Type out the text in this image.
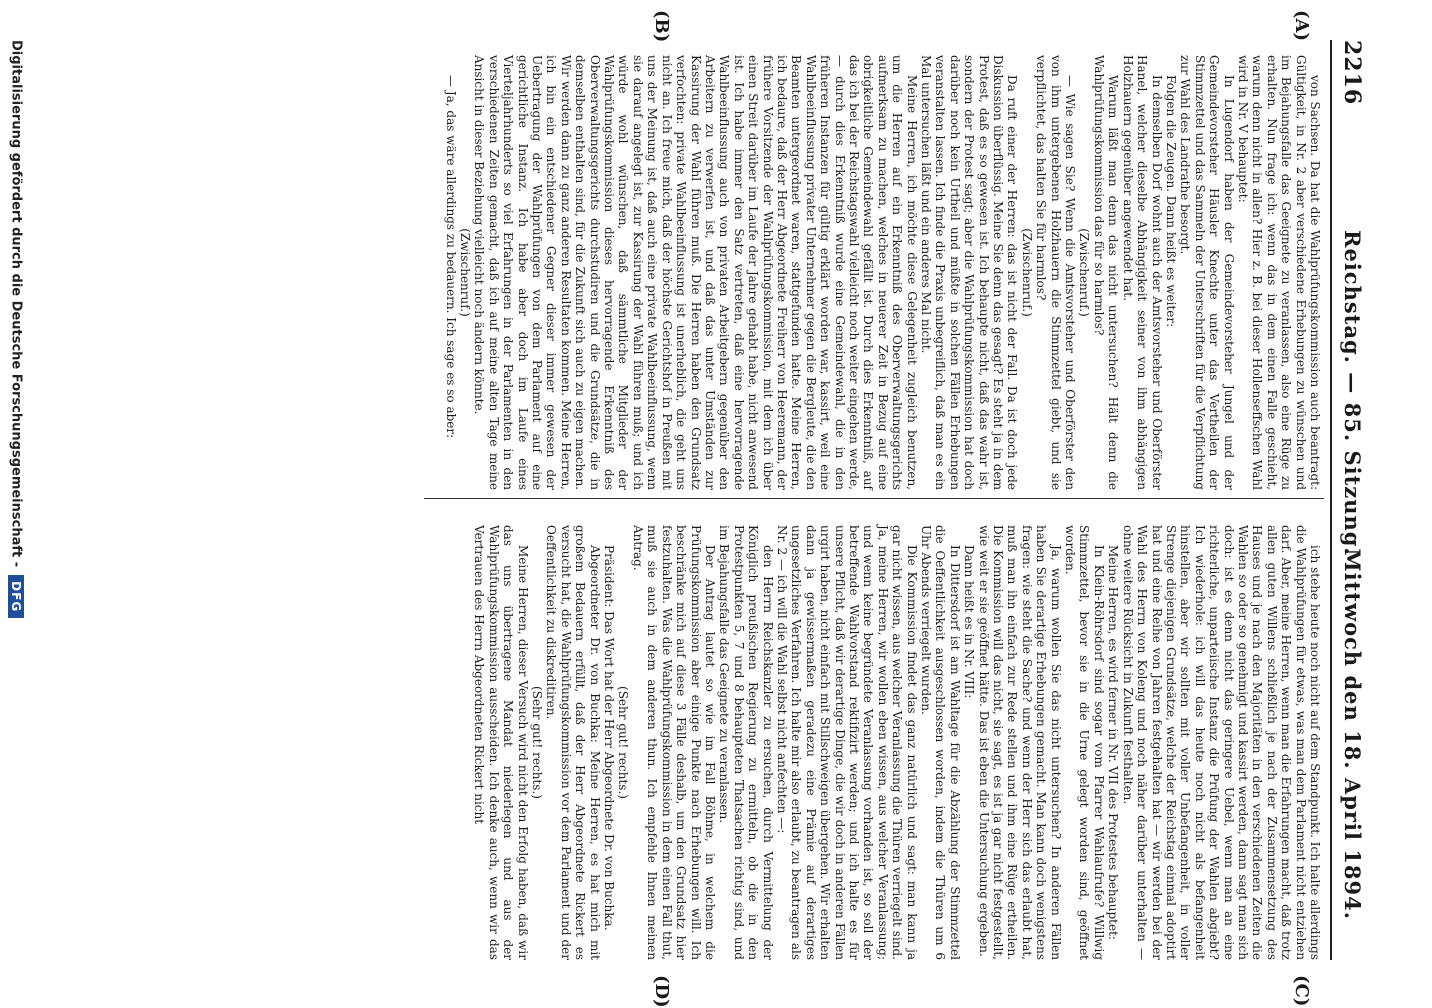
2216
Reichstag. — 85. Sitzung.
Mittwoch den 18. April 1894.
(A)
(B)
(C)
(D)

von Sachsen. Da hat die Wahlprüfungskommission auch beantragt: Gültigkeit, in Nr. 2 aber verschiedene Erhebungen zu wünschen und im Bejahungsfalle das Geeignete zu veranlassen, also eine Rüge zu erhalten. Nun frage ich: wenn das in dem einen Falle geschieht, warum denn nicht in allen? Hier z. B. bei dieser Hollenseffschen Wahl wird in Nr. V behauptet:

In Lugendorf haben der Gemeindevorsteher Jungel und der Gemeindevorsteher Häusler Knechte unter das Vertheilen der Stimmzettel und das Sammeln der Unterschriften für die Verpflichtung zur Wahl des Landrathe besorgt.

Folgen die Zeugen. Dann heißt es weiter:

In demselben Dorf wohnt auch der Amtsvorsteher und Oberförster Hanel, welcher dieselbe Abhängigkeit seiner von ihm abhängigen Holzhauern gegenüber angewendet hat.

Warum läßt man denn das nicht untersuchen? Hält denn die Wahlprüfungskommission das für so harmlos?

(Zwischenruf.)

— Wie sagen Sie? Wenn die Amtsvorsteher und Oberförster den von ihm untergebenen Holzhauern die Stimmzettel giebt, und sie verpflichtet, das halten Sie für harmlos?

(Zwischenruf.)

Da ruft einer der Herren: das ist nicht der Fall. Da ist doch jede Diskussion überflüssig. Meine Sie denn das gesagt? Es steht ja in dem Protest, daß es so gewesen ist. Ich behaupte nicht, daß das wahr ist, sondern der Protest sagt; aber die Wahlprüfungskommission hat doch darüber noch kein Urtheil und müßte in solchen Fällen Erhebungen veranstalten lassen. Ich finde die Praxis unbegreiflich, daß man es ein Mal untersuchen läßt und ein anderes Mal nicht.

Meine Herren, ich möchte diese Gelegenheit zugleich benutzen, um die Herren auf ein Erkenntniß des Oberverwaltungsgerichts aufmerksam zu machen, welches in neuerer Zeit in Bezug auf eine obrigkeitliche Gemeindewahl gefällt ist. Durch dies Erkenntniß, auf das ich bei der Reichstagswahl vielleicht noch weiter eingehen werde, — durch dies Erkenntniß wurde eine Gemeindewahl, die in den früheren Instanzen für gültig erklärt worden war, kassirt, weil eine Wahlbeeinflussung privater Unternehmer gegen die Bergleute, die den Beamten untergeordnet waren, stattgefunden hatte. Meine Herren, ich bedaure, daß der Herr Abgeordnete Freiherr von Heeremann, der frühere Vorsitzende der Wahlprüfungskommission, mit dem ich über einen Streit darüber im Laufe der Jahre gehabt habe, nicht anwesend ist. Ich habe immer den Satz vertreten, daß eine hervorragende Wahlbeeinflussung auch von privaten Arbeitgebern gegenüber den Arbeitern zu verwerfen ist, und daß das unter Umständen zur Kassirung der Wahl führen muß. Die Herren haben den Grundsatz verfochten: private Wahlbeeinflussung ist unerheblich, die geht uns nicht an. Ich freue mich, daß der höchste Gerichtshof in Preußen mit uns der Meinung ist, daß auch eine private Wahlbeeinflussung, wenn sie darauf angelegt ist, zur Kassirung der Wahl führen muß; und ich würde wohl wünschen, daß sämmtliche Mitglieder der Wahlprüfungskommission dieses hervorragende Erkenntniß des Oberverwaltungsgerichts durchstudiren und die Grundsätze, die in demselben enthalten sind, für die Zukunft sich auch zu eigen machen. Wir werden dann zu ganz anderen Resultaten kommen. Meine Herren, ich bin ein entschiedener Gegner dieser immer gewesen der Uebertragung der Wahlprüfungen von dem Parlament auf eine gerichtliche Instanz. Ich habe aber doch im Laufe eines Vierteljahrhunderts so viel Erfahrungen in der Parlamenten in den verschiedenen Zeiten gemacht, daß ich auf meine alten Tage meine Ansicht in dieser Beziehung vielleicht noch ändern könnte.

(Zwischenruf.)

— Ja, das wäre allerdings zu bedauern. Ich sage es so aber:

ich stehe heute noch nicht auf dem Standpunkt. Ich halte allerdings die Wahlprüfungen für etwas, was man dem Parlament nicht entziehen darf. Aber, meine Herren, wenn man die Erfahrungen macht, daß trotz allen guten Willens schließlich je nach der Zusammensetzung des Hauses und je nach den Majoritäten in den verschiedenen Zeiten die Wahlen so oder so genehmigt und kassirt werden, dann sagt man sich doch: ist es denn nicht das geringere Uebel, wenn man an eine richterliche, unparteiische Instanz die Prüfung der Wahlen abgiebt? Ich wiederhole: ich will das heute noch nicht als befangenheit hinstellen, aber wir sollten mit voller Unbefangenheit, in voller Strenge diejenigen Grundsätze, welche der Reichstag einmal adoptirt hat und eine Reihe von Jahren festgehalten hat — wir werden bei der Wahl des Herrn von Koleng und noch näher darüber unterhalten — ohne weitere Rücksicht in Zukunft festhalten.

Meine Herren, es wird ferner in Nr. VII des Protestes behauptet:

In Klein-Röhrsdorf sind sogar vom Pfarrer Wahlaufrufe? Willwig Stimmzettel, bevor sie in die Urne gelegt worden sind, geöffnet worden.

Ja, warum wollen Sie das nicht untersuchen? In anderen Fällen haben Sie derartige Erhebungen gemacht. Man kann doch wenigstens fragen: wie steht die Sache? und wenn der Herr sich das erlaubt hat, muß man ihn einfach zur Rede stellen und ihm eine Rüge ertheilen. Die Kommission will das nicht, sie sagt, es ist ja gar nicht festgestellt, wie weit er sie geöffnet hätte. Das ist eben die Untersuchung ergeben.

Dann heißt es in Nr. VIII:

In Dittersdorf ist am Wahltage für die Abzählung der Stimmzettel die Oeffentlichkeit ausgeschlossen worden, indem die Thüren um 6 Uhr Abends verriegelt wurden.

Die Kommission findet das ganz natürlich und sagt: man kann ja gar nicht wissen, aus welcher Veranlassung die Thüren verriegelt sind. Ja, meine Herren, wir wollen eben wissen, aus welcher Veranlassung; und wenn keine begründete Veranlassung vorhanden ist, so soll der betreffende Wahlvorstand rektifizirt werden; und ich halte es für unsere Pflicht, daß wir derartige Dinge, die wir doch in anderen Fällen urgirt haben, nicht einfach mit Stillschweigen übergehen. Wir erhalten dann ja gewissermaßen geradezu eine Prämie auf derartiges ungesetzliches Verfahren. Ich halte mir also erlaubt, zu beantragen als Nr. 2 — ich will die Wahl selbst nicht anfechten —:

den Herrn Reichskanzler zu ersuchen, durch Vermittelung der Königlich preußischen Regierung zu ermitteln, ob die in den Protestpunkten 5, 7 und 8 behaupteten Thatsachen richtig sind, und im Bejahungsfalle das Geeignete zu veranlassen.

Der Antrag lautet so wie im Fall Böhme, in welchem die Prüfungskommission aber einige Punkte nach Erhebungen will. Ich beschränke mich auf diese 3 Fälle deshalb, um den Grundsatz hier festzuhalten. Was die Wahlprüfungskommission in dem einen Fall thut, muß sie auch in dem anderen thun. Ich empfehle Ihnen meinen Antrag.

(Sehr gut! rechts.)

Präsident: Das Wort hat der Herr Abgeordnete Dr. von Buchka.

Abgeordneter Dr. von Buchka: Meine Herren, es hat mich mit großem Bedauern erfüllt, daß der Herr Abgeordnete Rickert es versucht hat, die Wahlprüfungskommission vor dem Parlament und der Oeffentlichkeit zu diskreditiren.

(Sehr gut! rechts.)

Meine Herren, dieser Versuch wird nicht den Erfolg haben, daß wir das uns übertragene Mandat niederlegen und aus der Wahlprüfungskommission ausscheiden. Ich denke auch, wenn wir das Vertrauen des Herrn Abgeordneten Rickert nicht

Digitalisierung gefördert durch die Deutsche Forschungsgemeinschaft -DFG
